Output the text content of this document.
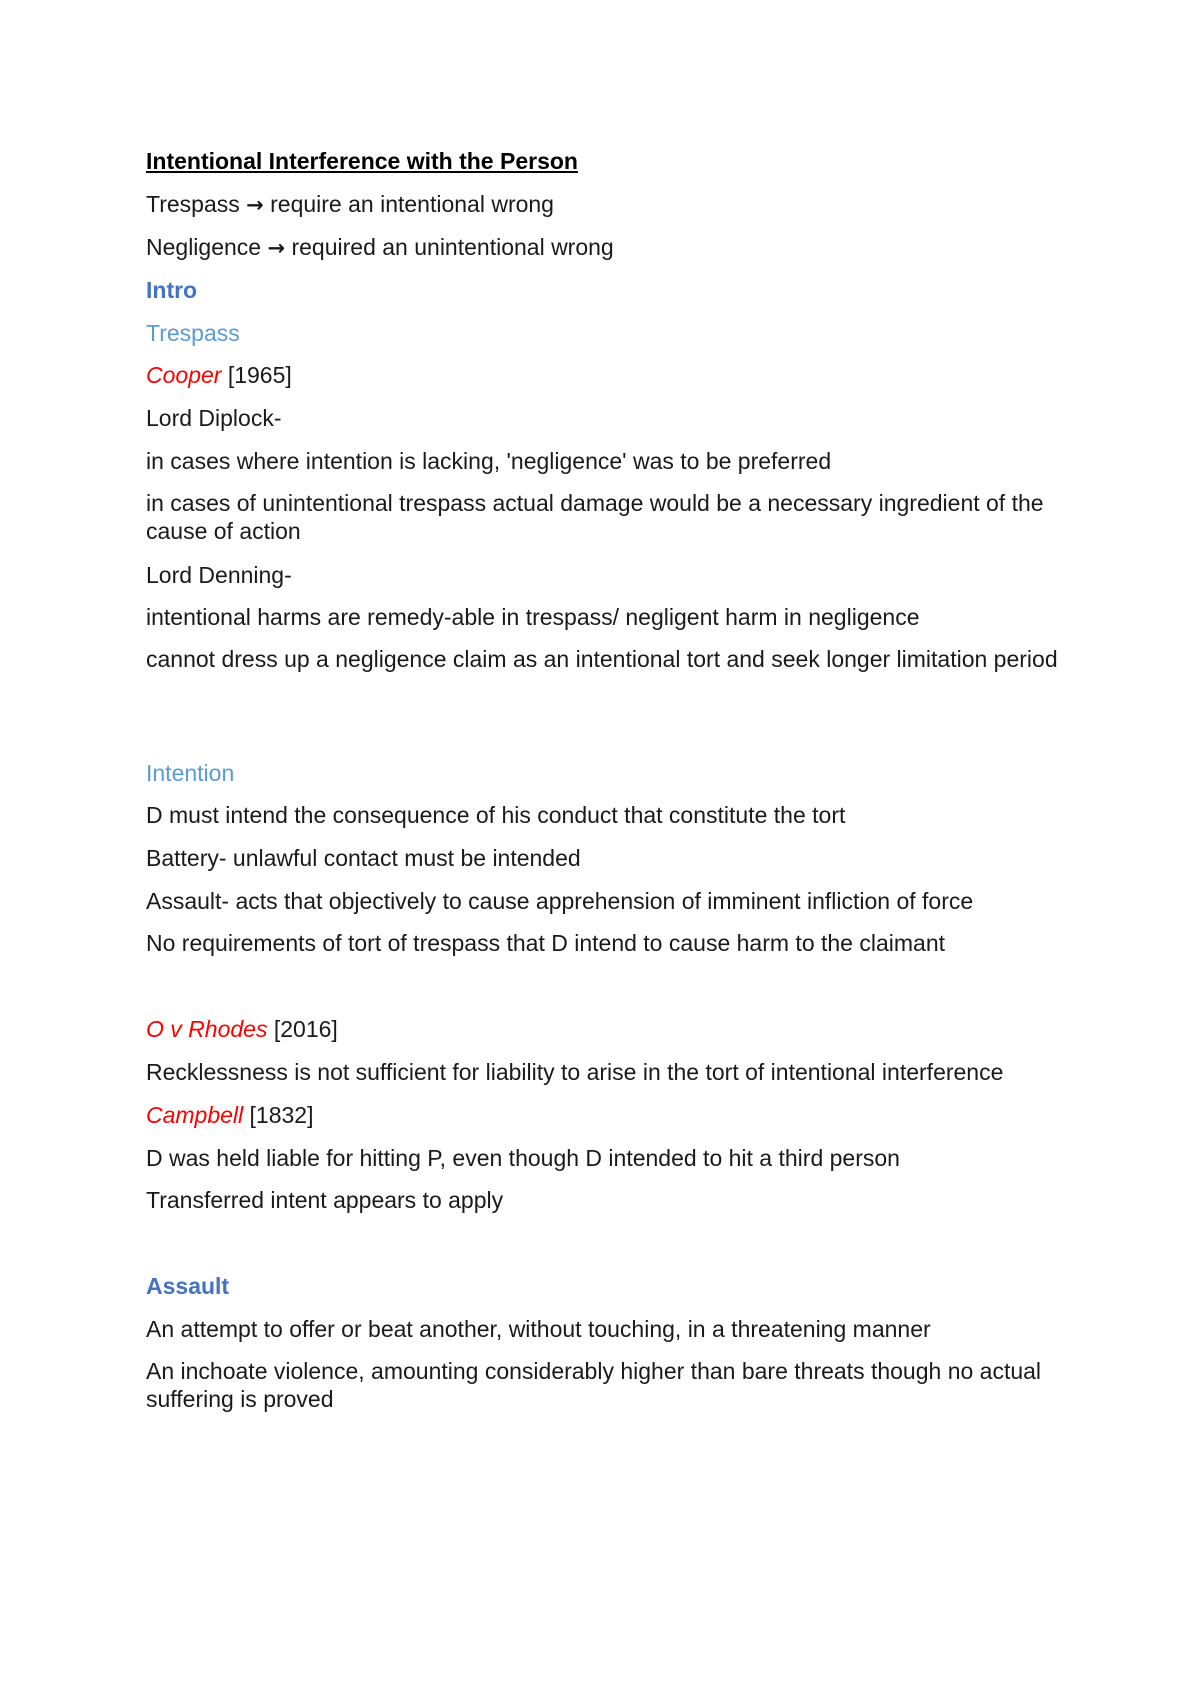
Intentional Interference with the Person
Trespass → require an intentional wrong
Negligence → required an unintentional wrong
Intro
Trespass
Cooper [1965]
Lord Diplock-
in cases where intention is lacking, 'negligence' was to be preferred
in cases of unintentional trespass actual damage would be a necessary ingredient of the cause of action
Lord Denning-
intentional harms are remedy-able in trespass/ negligent harm in negligence
cannot dress up a negligence claim as an intentional tort and seek longer limitation period
Intention
D must intend the consequence of his conduct that constitute the tort
Battery- unlawful contact must be intended
Assault- acts that objectively to cause apprehension of imminent infliction of force
No requirements of tort of trespass that D intend to cause harm to the claimant
O v Rhodes [2016]
Recklessness is not sufficient for liability to arise in the tort of intentional interference
Campbell [1832]
D was held liable for hitting P, even though D intended to hit a third person
Transferred intent appears to apply
Assault
An attempt to offer or beat another, without touching, in a threatening manner
An inchoate violence, amounting considerably higher than bare threats though no actual suffering is proved
